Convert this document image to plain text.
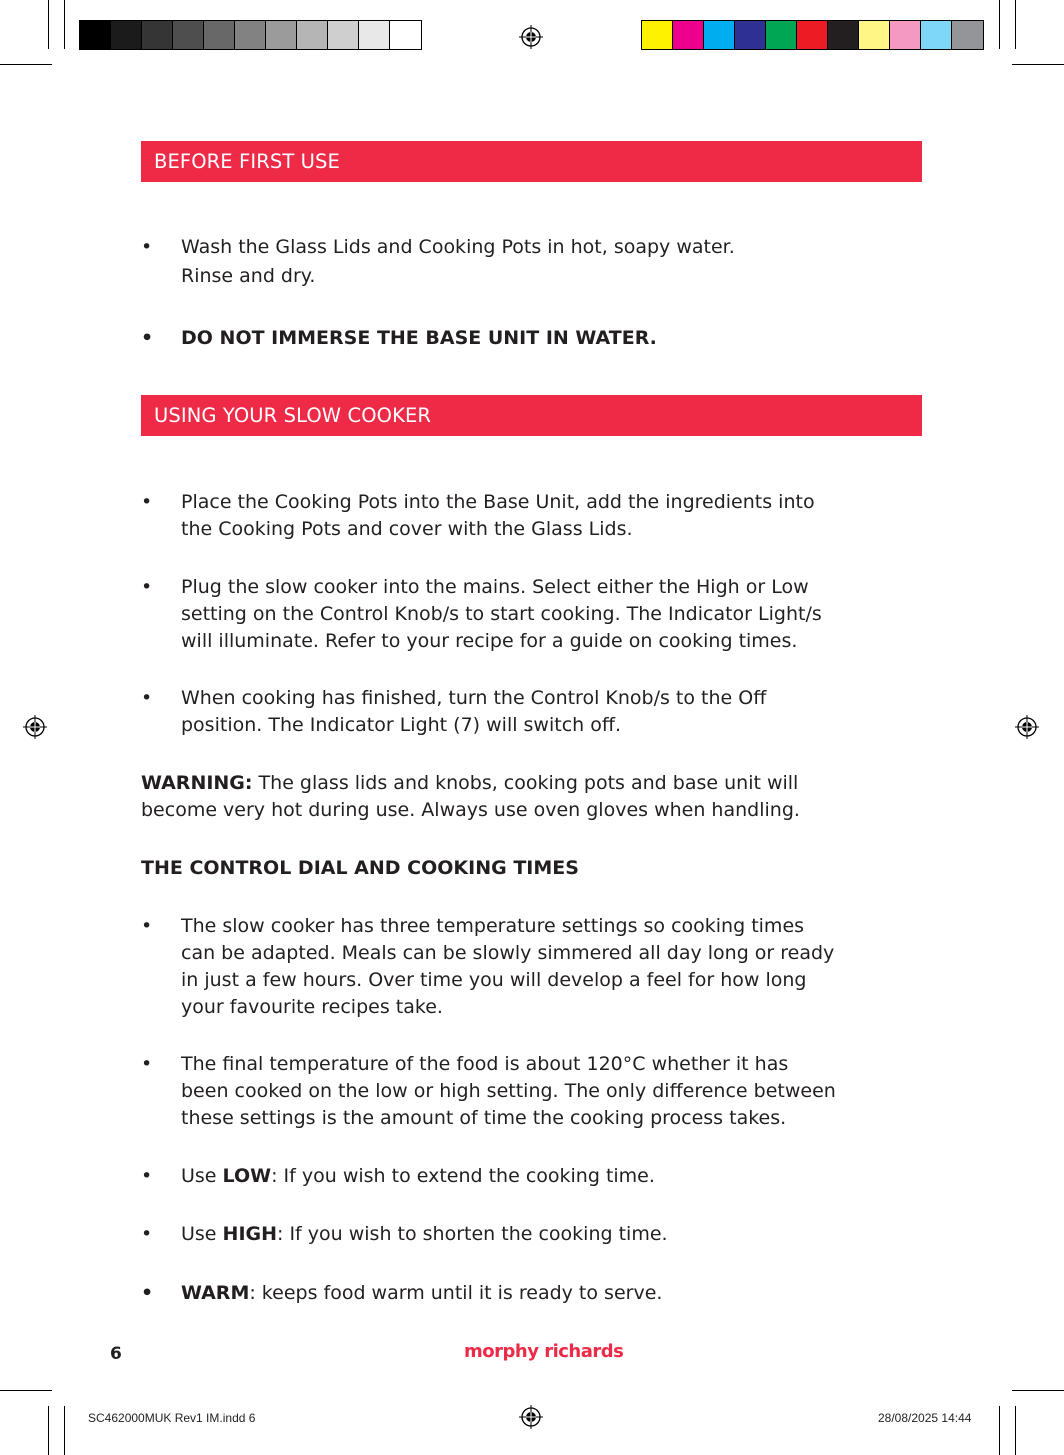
BEFORE FIRST USE
•	Wash the Glass Lids and Cooking Pots in hot, soapy water.
Rinse and dry.
•	DO NOT IMMERSE THE BASE UNIT IN WATER.
USING YOUR SLOW COOKER
•	Place the Cooking Pots into the Base Unit, add the ingredients into
the Cooking Pots and cover with the Glass Lids.
•	Plug the slow cooker into the mains. Select either the High or Low
setting on the Control Knob/s to start cooking. The Indicator Light/s
will illuminate. Refer to your recipe for a guide on cooking times.
•	When cooking has finished, turn the Control Knob/s to the Off
position. The Indicator Light (7) will switch off.
WARNING: The glass lids and knobs, cooking pots and base unit will
become very hot during use. Always use oven gloves when handling.
THE CONTROL DIAL AND COOKING TIMES
•	The slow cooker has three temperature settings so cooking times
can be adapted. Meals can be slowly simmered all day long or ready
in just a few hours. Over time you will develop a feel for how long
your favourite recipes take.
•	The final temperature of the food is about 120°C whether it has
been cooked on the low or high setting. The only difference between
these settings is the amount of time the cooking process takes.
•	Use LOW: If you wish to extend the cooking time.
•	Use HIGH: If you wish to shorten the cooking time.
•	WARM: keeps food warm until it is ready to serve.
6	morphy richards
SC462000MUK Rev1 IM.indd 6	28/08/2025 14:44
